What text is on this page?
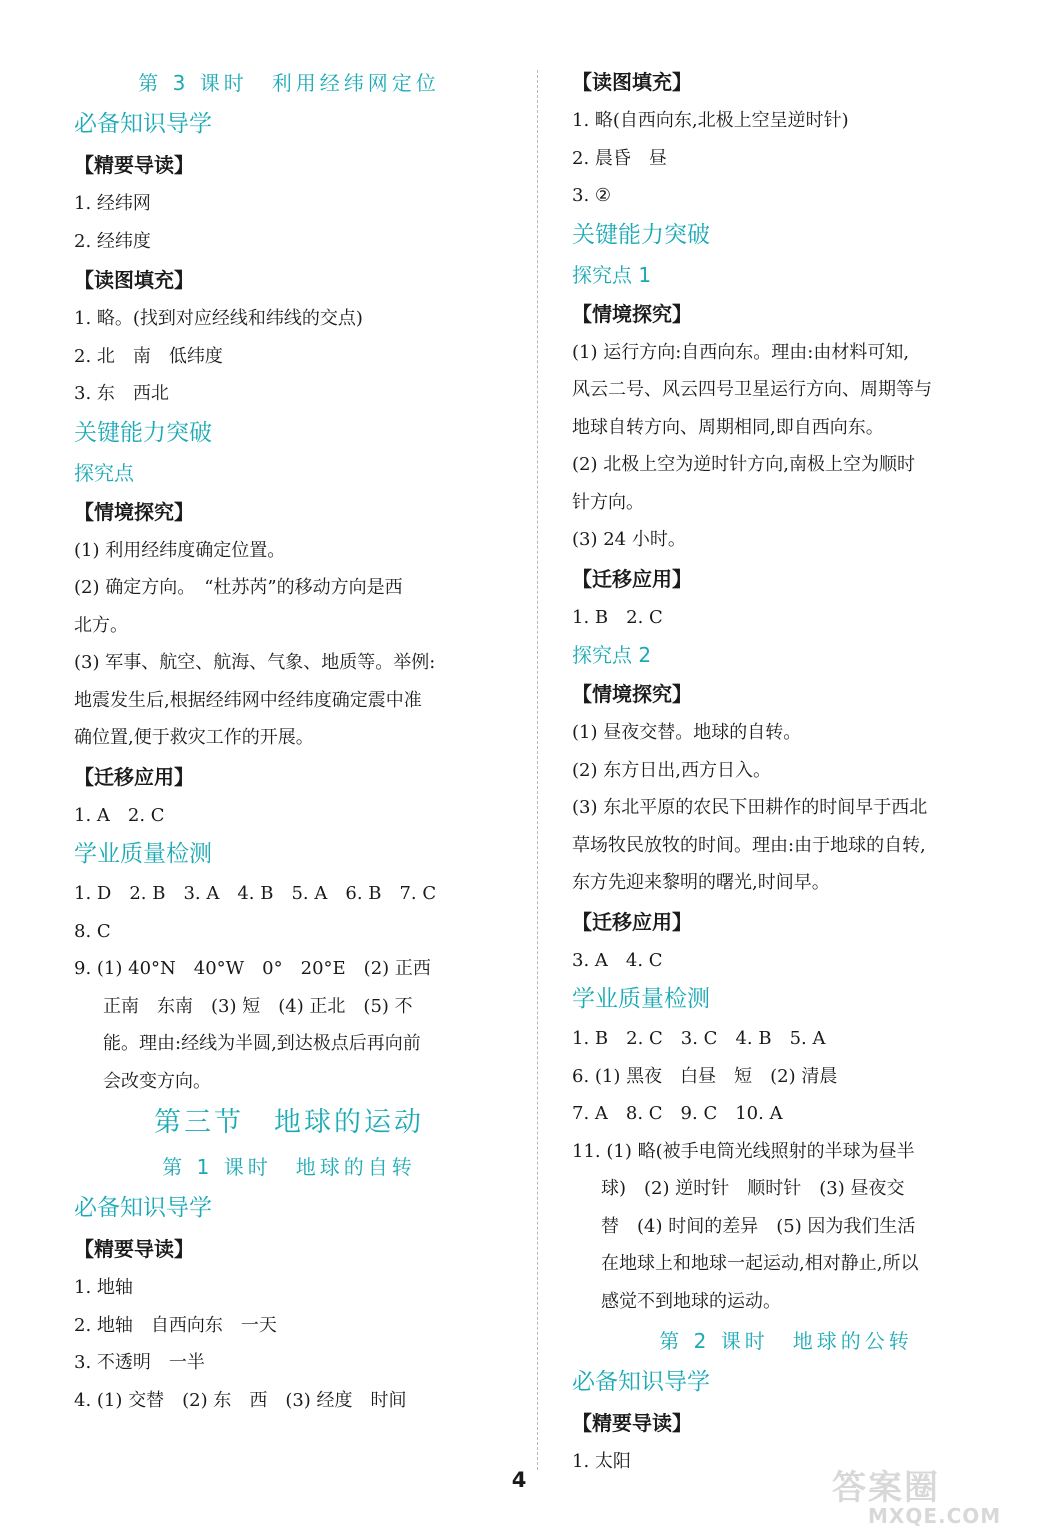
第 3 课时　利用经纬网定位
必备知识导学
【精要导读】
1. 经纬网
2. 经纬度
【读图填充】
1. 略。(找到对应经线和纬线的交点)
2. 北　南　低纬度
3. 东　西北
关键能力突破
探究点
【情境探究】
(1) 利用经纬度确定位置。
(2) 确定方向。　“杜苏芮”的移动方向是西
北方。
(3) 军事、航空、航海、气象、地质等。举例:
地震发生后,根据经纬网中经纬度确定震中准
确位置,便于救灾工作的开展。
【迁移应用】
1. A　2. C
学业质量检测
1. D　2. B　3. A　4. B　5. A　6. B　7. C
8. C
9. (1) 40°N　40°W　0°　20°E　(2) 正西
正南　东南　(3) 短　(4) 正北　(5) 不
能。理由:经线为半圆,到达极点后再向前
会改变方向。
第三节　地球的运动
第 1 课时　地球的自转
必备知识导学
【精要导读】
1. 地轴
2. 地轴　自西向东　一天
3. 不透明　一半
4. (1) 交替　(2) 东　西　(3) 经度　时间
【读图填充】
1. 略(自西向东,北极上空呈逆时针)
2. 晨昏　昼
3. ②
关键能力突破
探究点 1
【情境探究】
(1) 运行方向:自西向东。理由:由材料可知,
风云二号、风云四号卫星运行方向、周期等与
地球自转方向、周期相同,即自西向东。
(2) 北极上空为逆时针方向,南极上空为顺时
针方向。
(3) 24 小时。
【迁移应用】
1. B　2. C
探究点 2
【情境探究】
(1) 昼夜交替。地球的自转。
(2) 东方日出,西方日入。
(3) 东北平原的农民下田耕作的时间早于西北
草场牧民放牧的时间。理由:由于地球的自转,
东方先迎来黎明的曙光,时间早。
【迁移应用】
3. A　4. C
学业质量检测
1. B　2. C　3. C　4. B　5. A
6. (1) 黑夜　白昼　短　(2) 清晨
7. A　8. C　9. C　10. A
11. (1) 略(被手电筒光线照射的半球为昼半
球)　(2) 逆时针　顺时针　(3) 昼夜交
替　(4) 时间的差异　(5) 因为我们生活
在地球上和地球一起运动,相对静止,所以
感觉不到地球的运动。
第 2 课时　地球的公转
必备知识导学
【精要导读】
1. 太阳
4	答案圈
MXQE.COM
